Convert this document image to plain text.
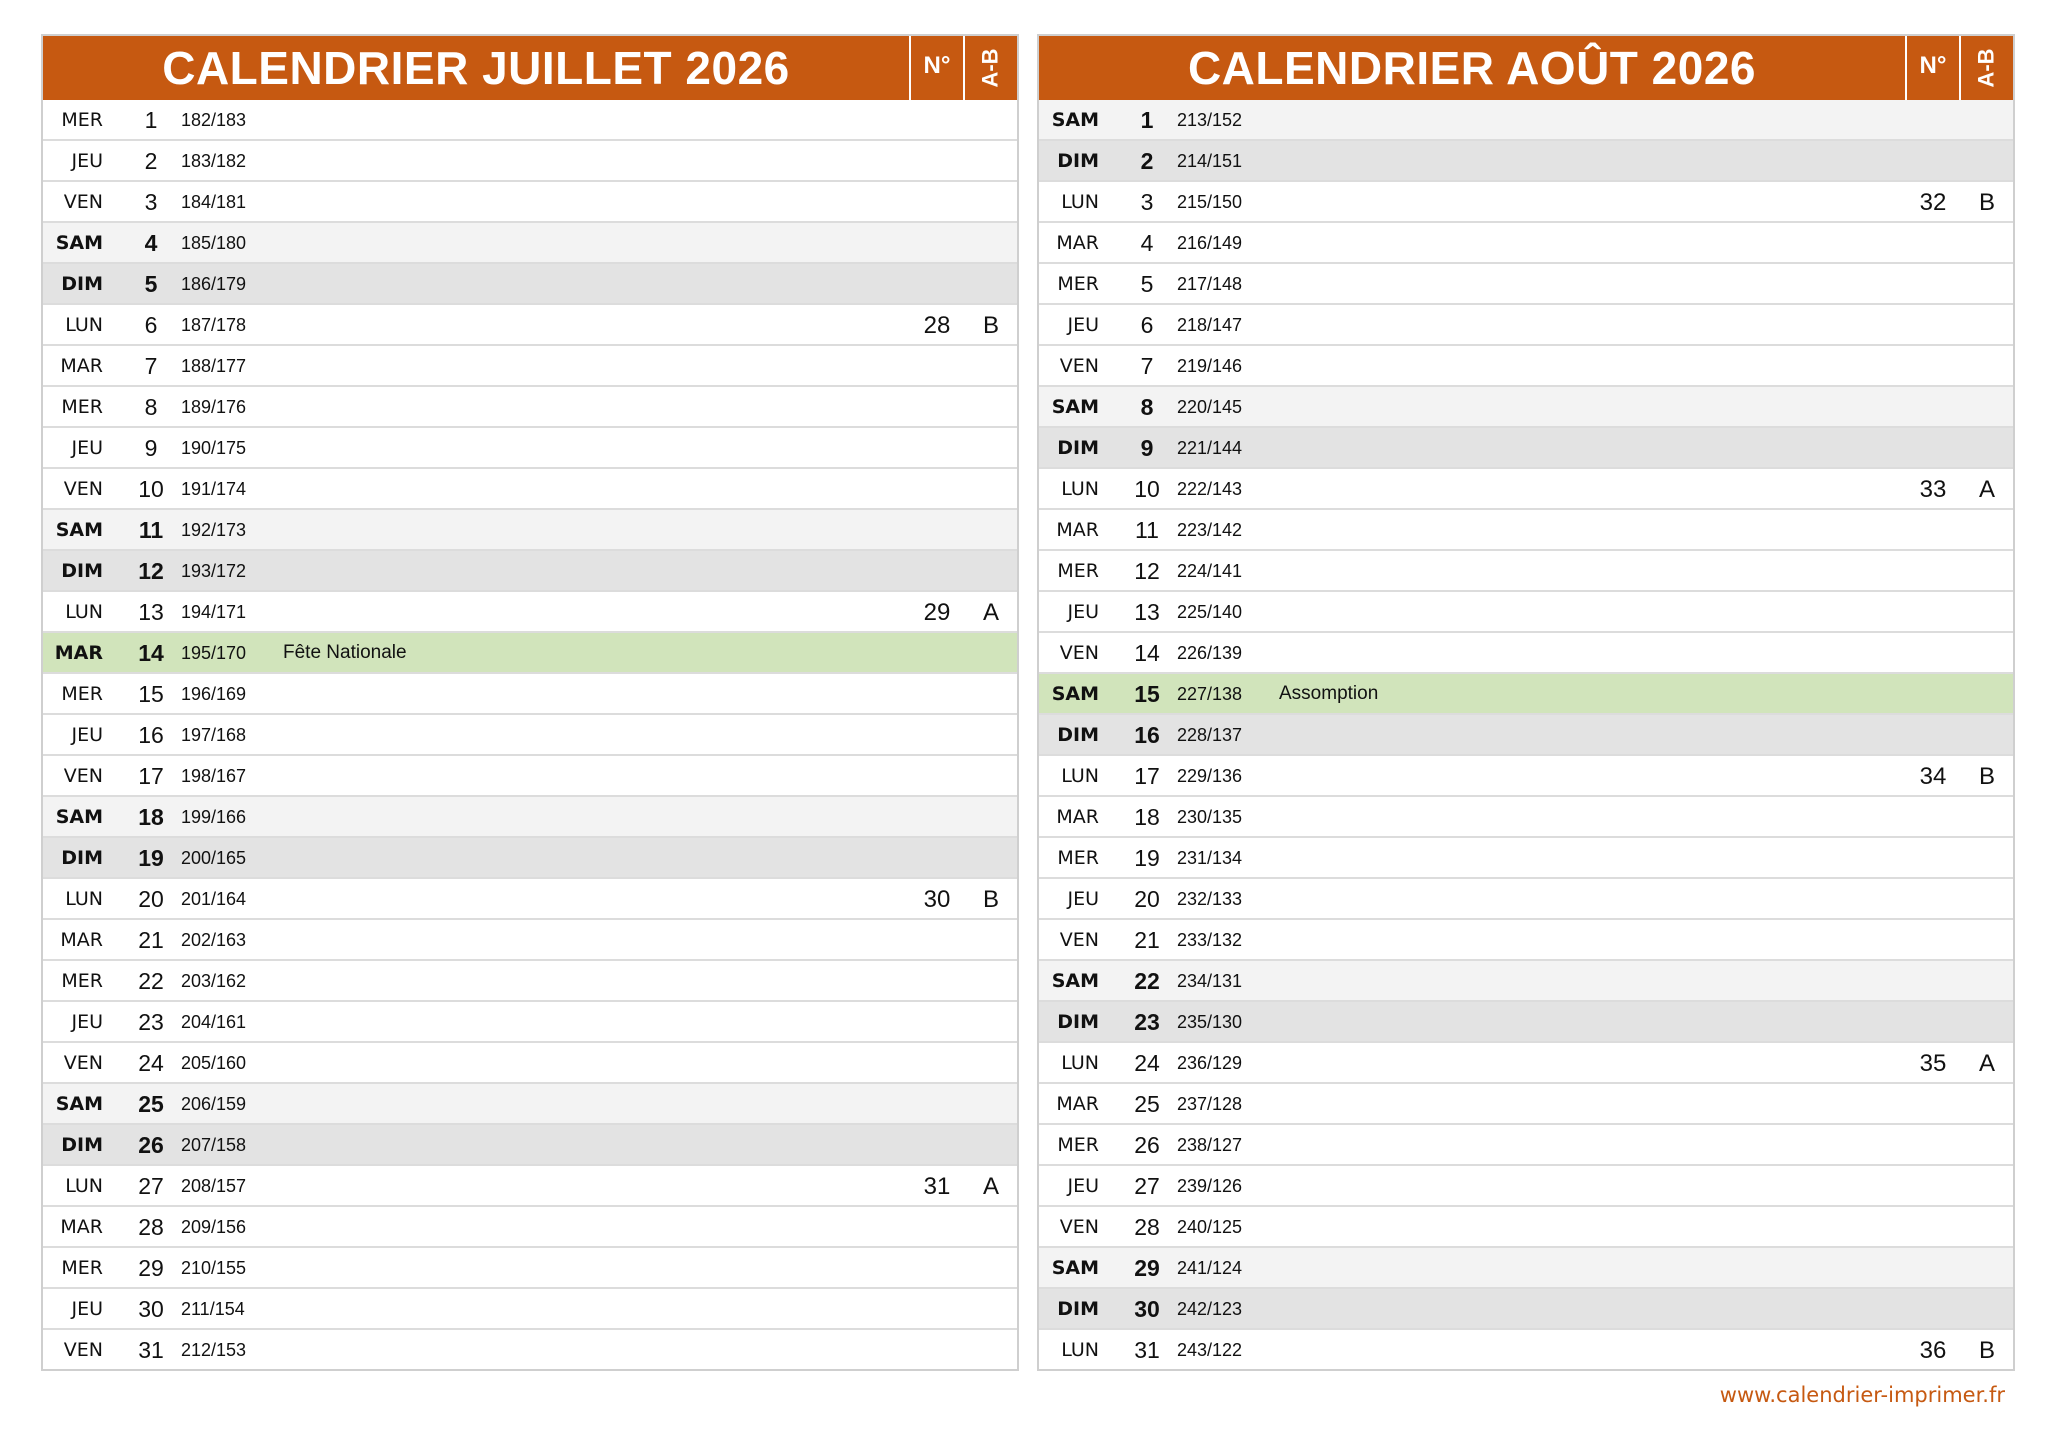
CALENDRIER JUILLET 2026	N°	A-B
MER	1	182/183
JEU	2	183/182
VEN	3	184/181
SAM	4	185/180
DIM	5	186/179
LUN	6	187/178	28	B
MAR	7	188/177
MER	8	189/176
JEU	9	190/175
VEN	10 191/174
SAM	11 192/173
DIM	12 193/172
LUN	13 194/171	29	A
MAR	14 195/170	Fête Nationale
MER	15 196/169
JEU	16 197/168
VEN	17 198/167
SAM	18 199/166
DIM	19 200/165
LUN	20 201/164	30	B
MAR	21 202/163
MER	22 203/162
JEU	23 204/161
VEN	24 205/160
SAM	25 206/159
DIM	26 207/158
LUN	27 208/157	31	A
MAR	28 209/156
MER	29 210/155
JEU	30 211/154
VEN	31 212/153
CALENDRIER AOÛT 2026	N°	A-B
SAM	1	213/152
DIM	2	214/151
LUN	3	215/150	32	B
MAR	4	216/149
MER	5	217/148
JEU	6	218/147
VEN	7	219/146
SAM	8	220/145
DIM	9	221/144
LUN	10 222/143	33	A
MAR	11	223/142
MER	12 224/141
JEU	13 225/140
VEN	14 226/139
SAM	15 227/138	Assomption
DIM	16 228/137
LUN	17 229/136	34	B
MAR	18 230/135
MER	19 231/134
JEU	20 232/133
VEN	21 233/132
SAM	22 234/131
DIM	23 235/130
LUN	24 236/129	35	A
MAR	25 237/128
MER	26 238/127
JEU	27 239/126
VEN	28 240/125
SAM	29 241/124
DIM	30 242/123
LUN	31 243/122	36	B
www.calendrier-imprimer.fr
